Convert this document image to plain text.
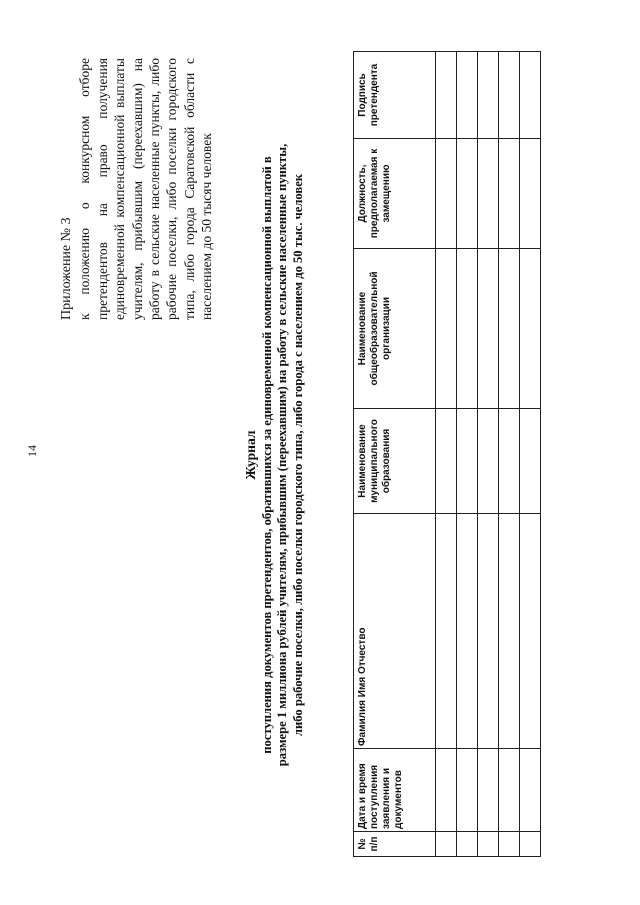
14
Приложение № 3 к положению о конкурсном отборе претендентов на право получения единовременной компенсационной выплаты учителям, прибывшим (переехавшим) на работу в сельские населенные пункты, либо рабочие поселки, либо поселки городского типа, либо города Саратовской области с населением до 50 тысяч человек
Журнал поступления документов претендентов, обратившихся за единовременной компенсационной выплатой в размере 1 миллиона рублей учителям, прибывшим (переехавшим) на работу в сельские населенные пункты, либо рабочие поселки, либо поселки городского типа, либо города с населением до 50 тыс. человек
№ п/п	Дата и время поступления заявления и документов	Фамилия Имя Отчество	Наименование муниципального образования	Наименование общеобразовательной организации	Должность, предполагаемая к замещению	Подпись претендента
